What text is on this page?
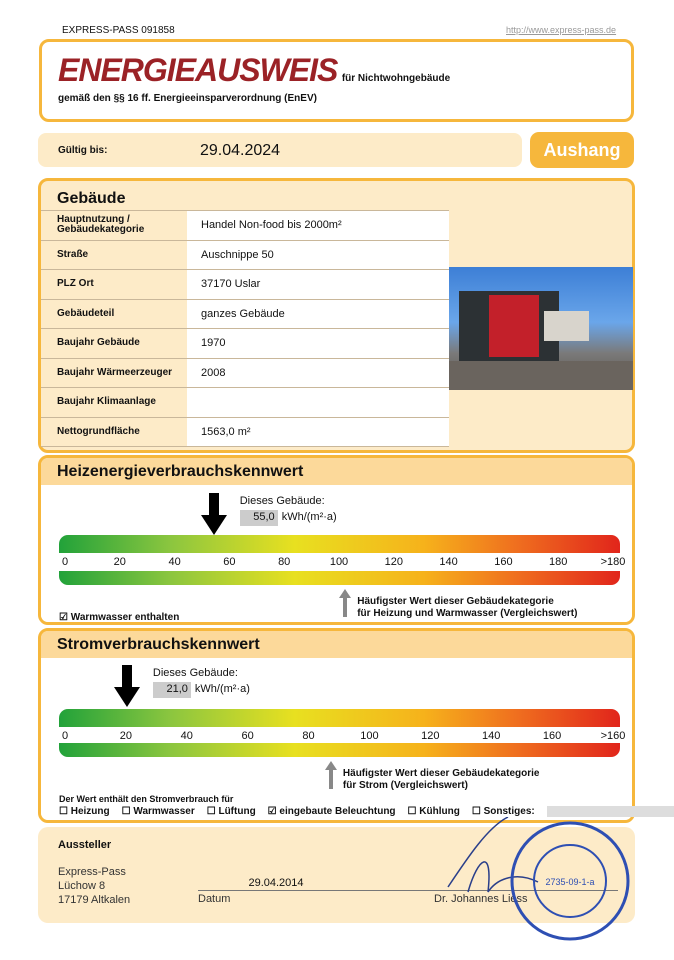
EXPRESS-PASS 091858	http://www.express-pass.de
ENERGIEAUSWEIS für Nichtwohngebäude
gemäß den §§ 16 ff. Energieeinsparverordnung (EnEV)
Gültig bis:	29.04.2024	Aushang
Gebäude
Hauptnutzung / Gebäudekategorie	Handel Non-food bis 2000m²
Straße	Auschnippe 50
PLZ Ort	37170 Uslar
Gebäudeteil	ganzes Gebäude
Baujahr Gebäude	1970
Baujahr Wärmeerzeuger	2008
Baujahr Klimaanlage
Nettogrundfläche	1563,0 m²
Heizenergieverbrauchskennwert
0	20	40	60	80	100	120	140	160	180	>180
Dieses Gebäude:
55,0 kWh/(m²·a)
Häufigster Wert dieser Gebäudekategorie
für Heizung und Warmwasser (Vergleichswert)
☑ Warmwasser enthalten
Stromverbrauchskennwert
0	20	40	60	80	100	120	140	160	>160
Dieses Gebäude:
21,0 kWh/(m²·a)
Häufigster Wert dieser Gebäudekategorie
für Strom (Vergleichswert)
Der Wert enthält den Stromverbrauch für
☐ Heizung ☐ Warmwasser ☐ Lüftung ☑ eingebaute Beleuchtung ☐ Kühlung ☐ Sonstiges:
Aussteller
Express-Pass
Lüchow 8
17179 Altkalen
29.04.2014
Datum	Dr. Johannes Liess
2735-09-1-a
